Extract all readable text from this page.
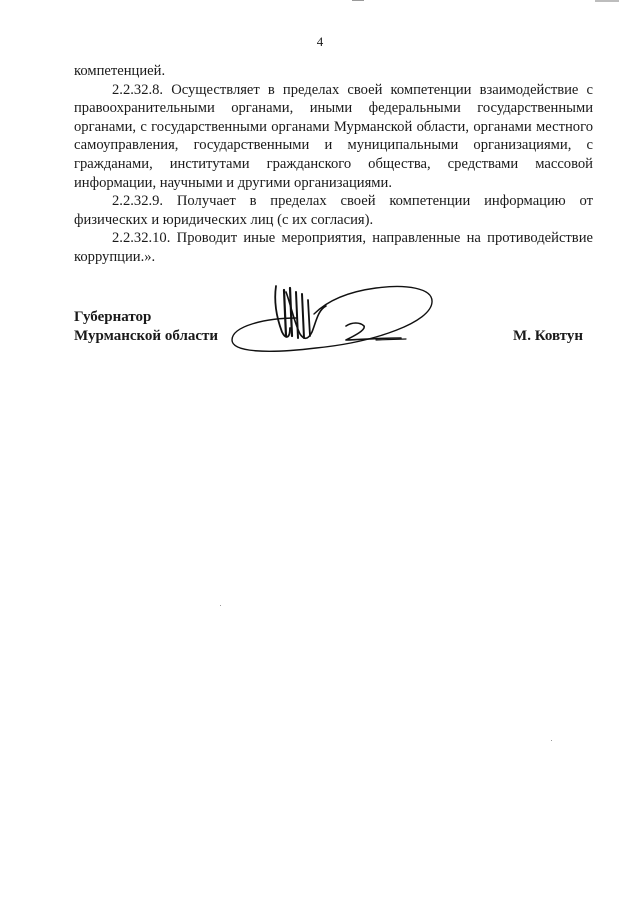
4

компетенцией.

2.2.32.8. Осуществляет в пределах своей компетенции взаимодействие с правоохранительными органами, иными федеральными государственными органами, с государственными органами Мурманской области, органами местного самоуправления, государственными и муниципальными организациями, с гражданами, институтами гражданского общества, средствами массовой информации, научными и другими организациями.

2.2.32.9. Получает в пределах своей компетенции информацию от физических и юридических лиц (с их согласия).

2.2.32.10. Проводит иные мероприятия, направленные на противодействие коррупции.».

Губернатор
Мурманской области	М. Ковтун
